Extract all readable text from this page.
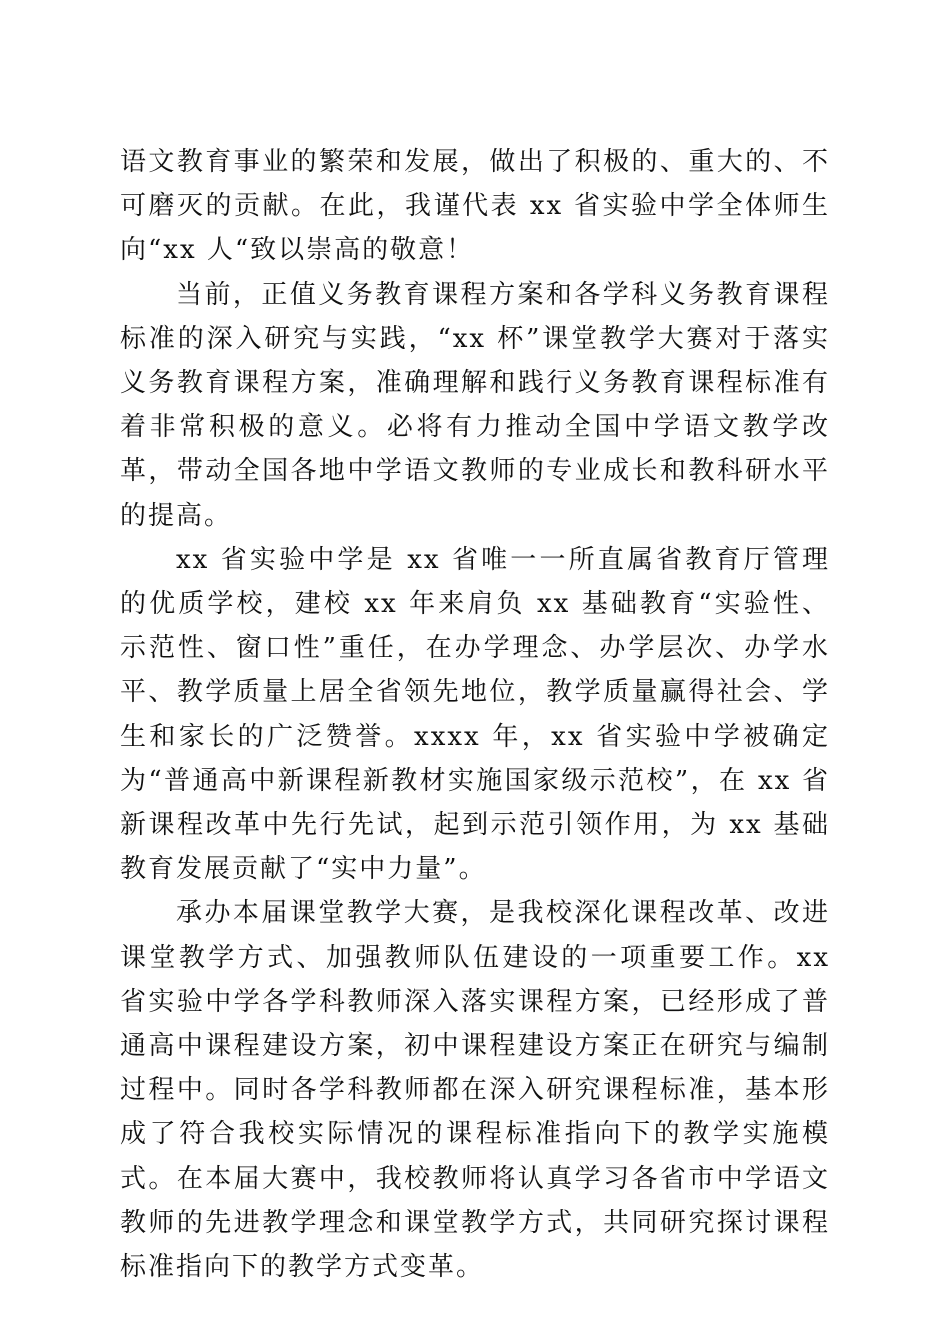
语文教育事业的繁荣和发展，做出了积极的、重大的、不可磨灭的贡献。在此，我谨代表 xx 省实验中学全体师生向“xx 人“致以崇高的敬意！

当前，正值义务教育课程方案和各学科义务教育课程标准的深入研究与实践，“xx 杯”课堂教学大赛对于落实义务教育课程方案，准确理解和践行义务教育课程标准有着非常积极的意义。必将有力推动全国中学语文教学改革，带动全国各地中学语文教师的专业成长和教科研水平的提高。

xx 省实验中学是 xx 省唯一一所直属省教育厅管理的优质学校，建校 xx 年来肩负 xx 基础教育“实验性、示范性、窗口性”重任，在办学理念、办学层次、办学水平、教学质量上居全省领先地位，教学质量赢得社会、学生和家长的广泛赞誉。xxxx 年，xx 省实验中学被确定为“普通高中新课程新教材实施国家级示范校”，在 xx 省新课程改革中先行先试，起到示范引领作用，为 xx 基础教育发展贡献了“实中力量”。

承办本届课堂教学大赛，是我校深化课程改革、改进课堂教学方式、加强教师队伍建设的一项重要工作。xx 省实验中学各学科教师深入落实课程方案，已经形成了普通高中课程建设方案，初中课程建设方案正在研究与编制过程中。同时各学科教师都在深入研究课程标准，基本形成了符合我校实际情况的课程标准指向下的教学实施模式。在本届大赛中，我校教师将认真学习各省市中学语文教师的先进教学理念和课堂教学方式，共同研究探讨课程标准指向下的教学方式变革。
